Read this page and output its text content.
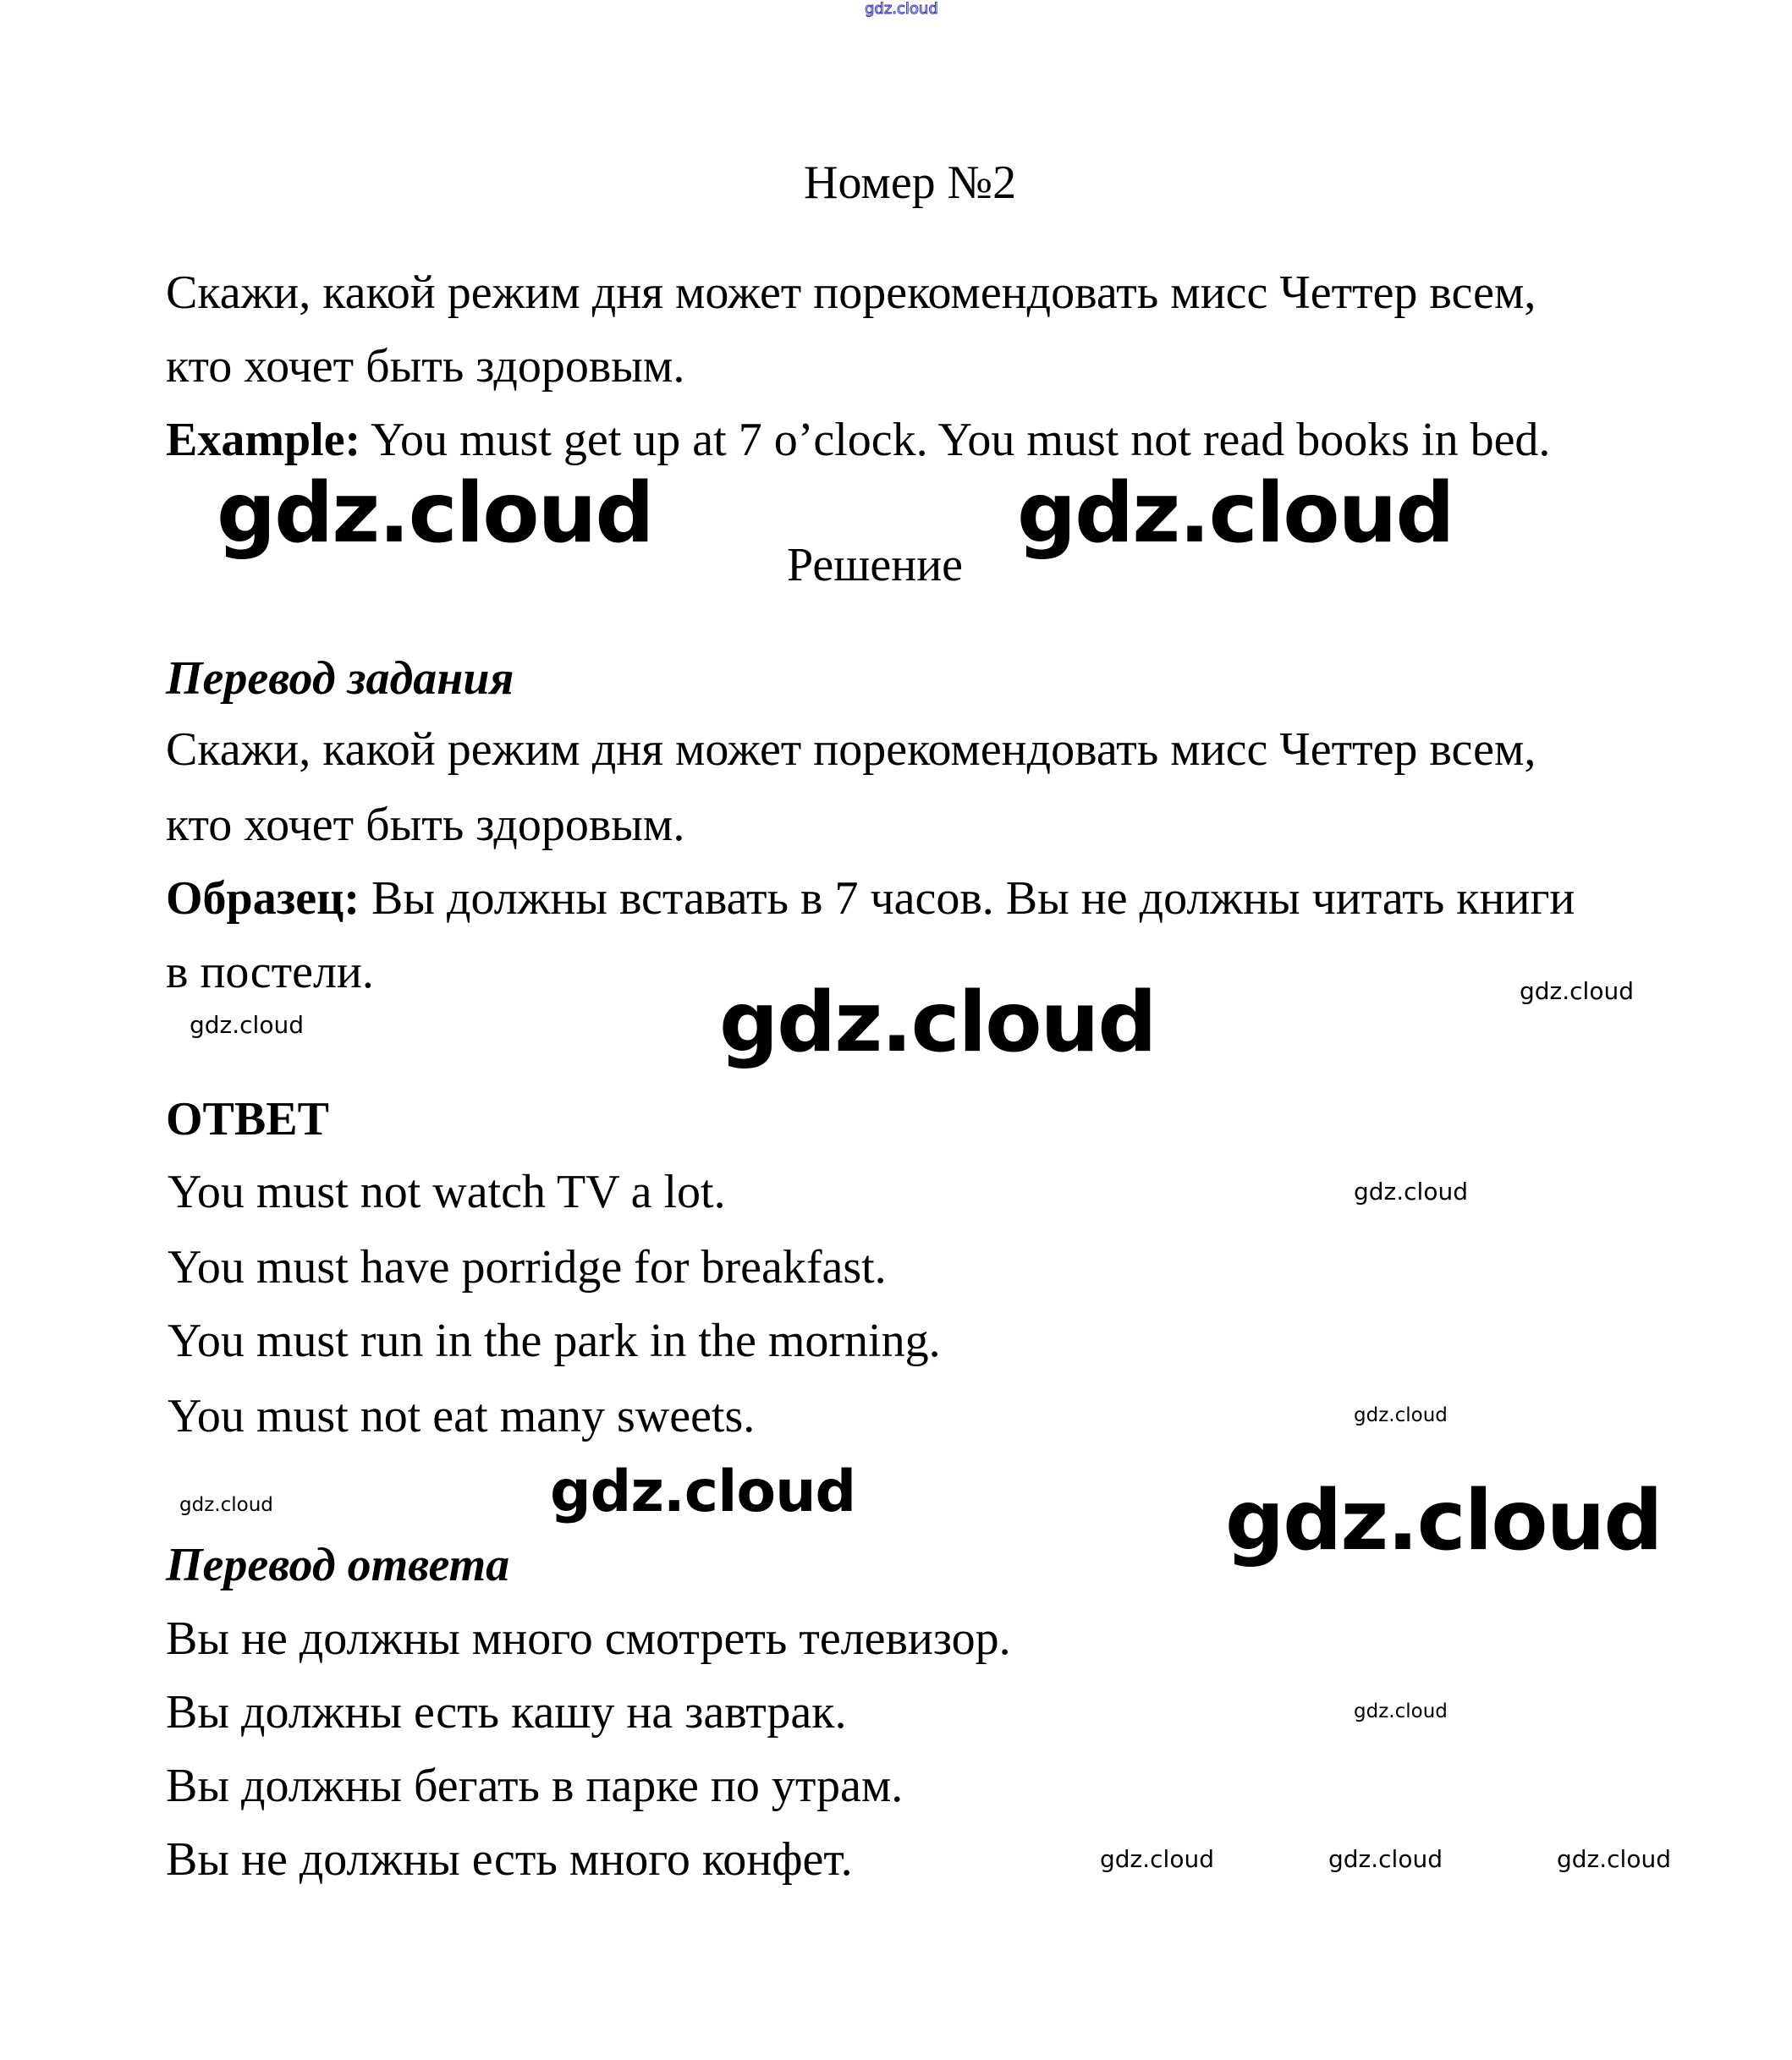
gdz.cloud
Номер №2
Скажи, какой режим дня может порекомендовать мисс Четтер всем,
кто хочет быть здоровым.
Example: You must get up at 7 o’clock. You must not read books in bed.
gdz.cloud
Решение
gdz.cloud
Перевод задания
Скажи, какой режим дня может порекомендовать мисс Четтер всем,
кто хочет быть здоровым.
Образец: Вы должны вставать в 7 часов. Вы не должны читать книги
в постели.
gdz.cloud	gdz.cloud	gdz.cloud
ОТВЕТ
gdz.cloud
You must not watch TV a lot.
You must have porridge for breakfast.
You must run in the park in the morning.
gdz.cloud
You must not eat many sweets.
gdz.cloud	gdz.cloud
gdz.cloud
Перевод ответа
Вы не должны много смотреть телевизор.
gdz.cloud
Вы должны есть кашу на завтрак.
Вы должны бегать в парке по утрам.
Вы не должны есть много конфет.	gdz.cloud	gdz.cloud	gdz.cloud
